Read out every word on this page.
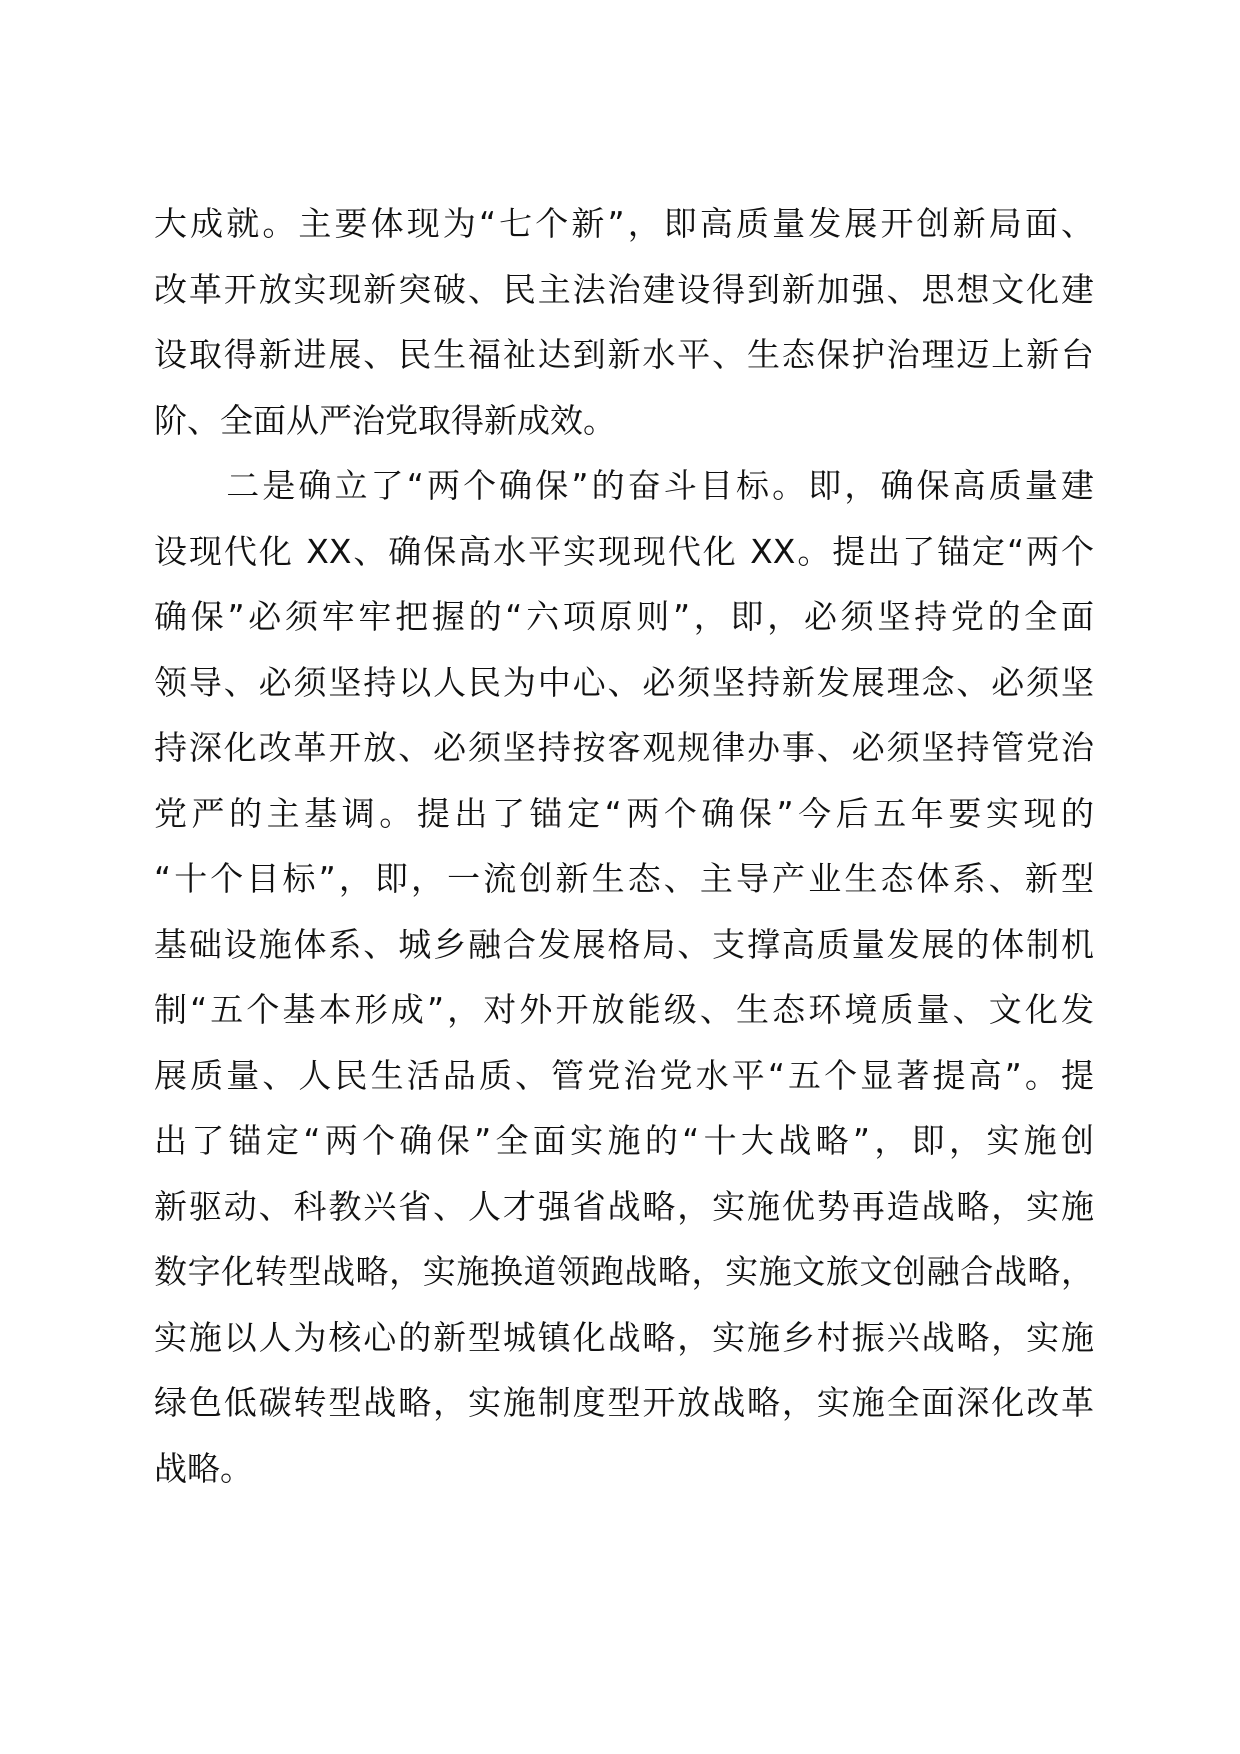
大成就。主要体现为“七个新”，即高质量发展开创新局面、
改革开放实现新突破、民主法治建设得到新加强、思想文化建
设取得新进展、民生福祉达到新水平、生态保护治理迈上新台
阶、全面从严治党取得新成效。
　　二是确立了“两个确保”的奋斗目标。即，确保高质量建
设现代化 XX、确保高水平实现现代化 XX。提出了锚定“两个
确保”必须牢牢把握的“六项原则”，即，必须坚持党的全面
领导、必须坚持以人民为中心、必须坚持新发展理念、必须坚
持深化改革开放、必须坚持按客观规律办事、必须坚持管党治
党严的主基调。提出了锚定“两个确保”今后五年要实现的
“十个目标”，即，一流创新生态、主导产业生态体系、新型
基础设施体系、城乡融合发展格局、支撑高质量发展的体制机
制“五个基本形成”，对外开放能级、生态环境质量、文化发
展质量、人民生活品质、管党治党水平“五个显著提高”。提
出了锚定“两个确保”全面实施的“十大战略”，即，实施创
新驱动、科教兴省、人才强省战略，实施优势再造战略，实施
数字化转型战略，实施换道领跑战略，实施文旅文创融合战略，
实施以人为核心的新型城镇化战略，实施乡村振兴战略，实施
绿色低碳转型战略，实施制度型开放战略，实施全面深化改革
战略。
